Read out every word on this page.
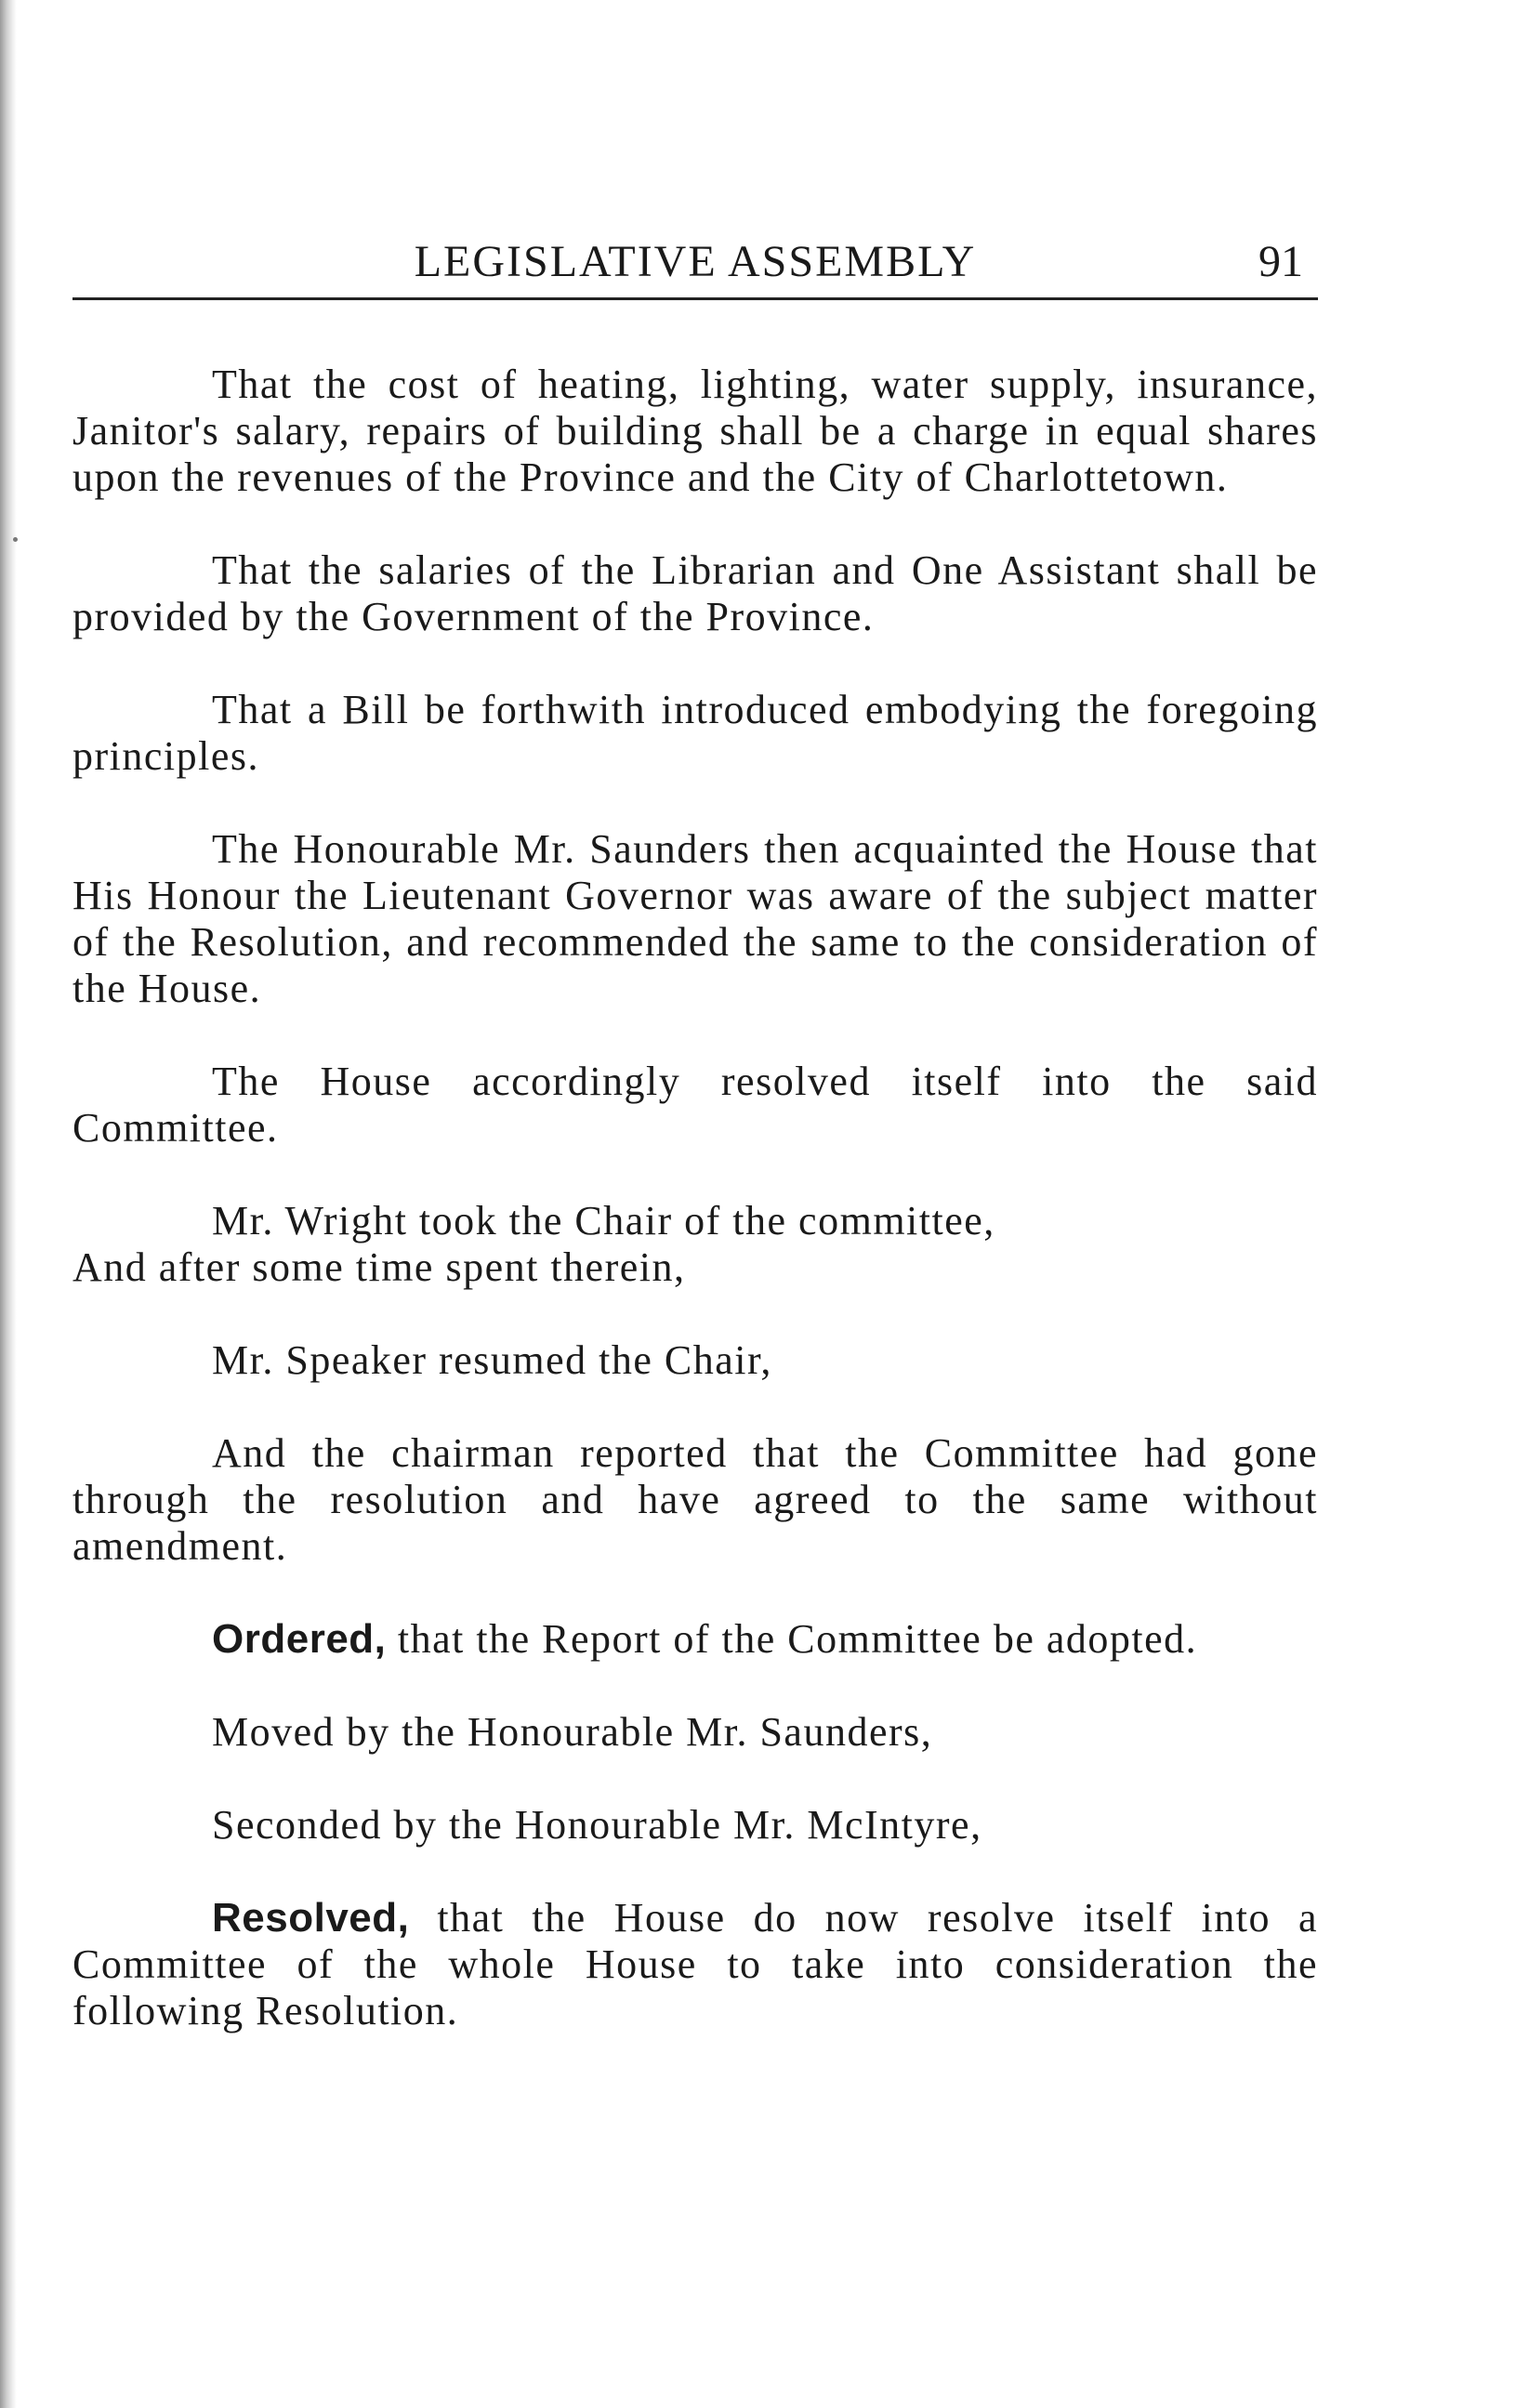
LEGISLATIVE ASSEMBLY	91

That the cost of heating, lighting, water supply, insurance, Janitor's salary, repairs of building shall be a charge in equal shares upon the revenues of the Province and the City of Charlottetown.

That the salaries of the Librarian and One Assistant shall be provided by the Government of the Province.

That a Bill be forthwith introduced embodying the foregoing principles.

The Honourable Mr. Saunders then acquainted the House that His Honour the Lieutenant Governor was aware of the subject matter of the Resolution, and recommended the same to the consideration of the House.

The House accordingly resolved itself into the said Committee.

Mr. Wright took the Chair of the committee,
And after some time spent therein,

Mr. Speaker resumed the Chair,

And the chairman reported that the Committee had gone through the resolution and have agreed to the same without amendment.

Ordered, that the Report of the Committee be adopted.

Moved by the Honourable Mr. Saunders,

Seconded by the Honourable Mr. McIntyre,

Resolved, that the House do now resolve itself into a Committee of the whole House to take into consideration the following Resolution.
